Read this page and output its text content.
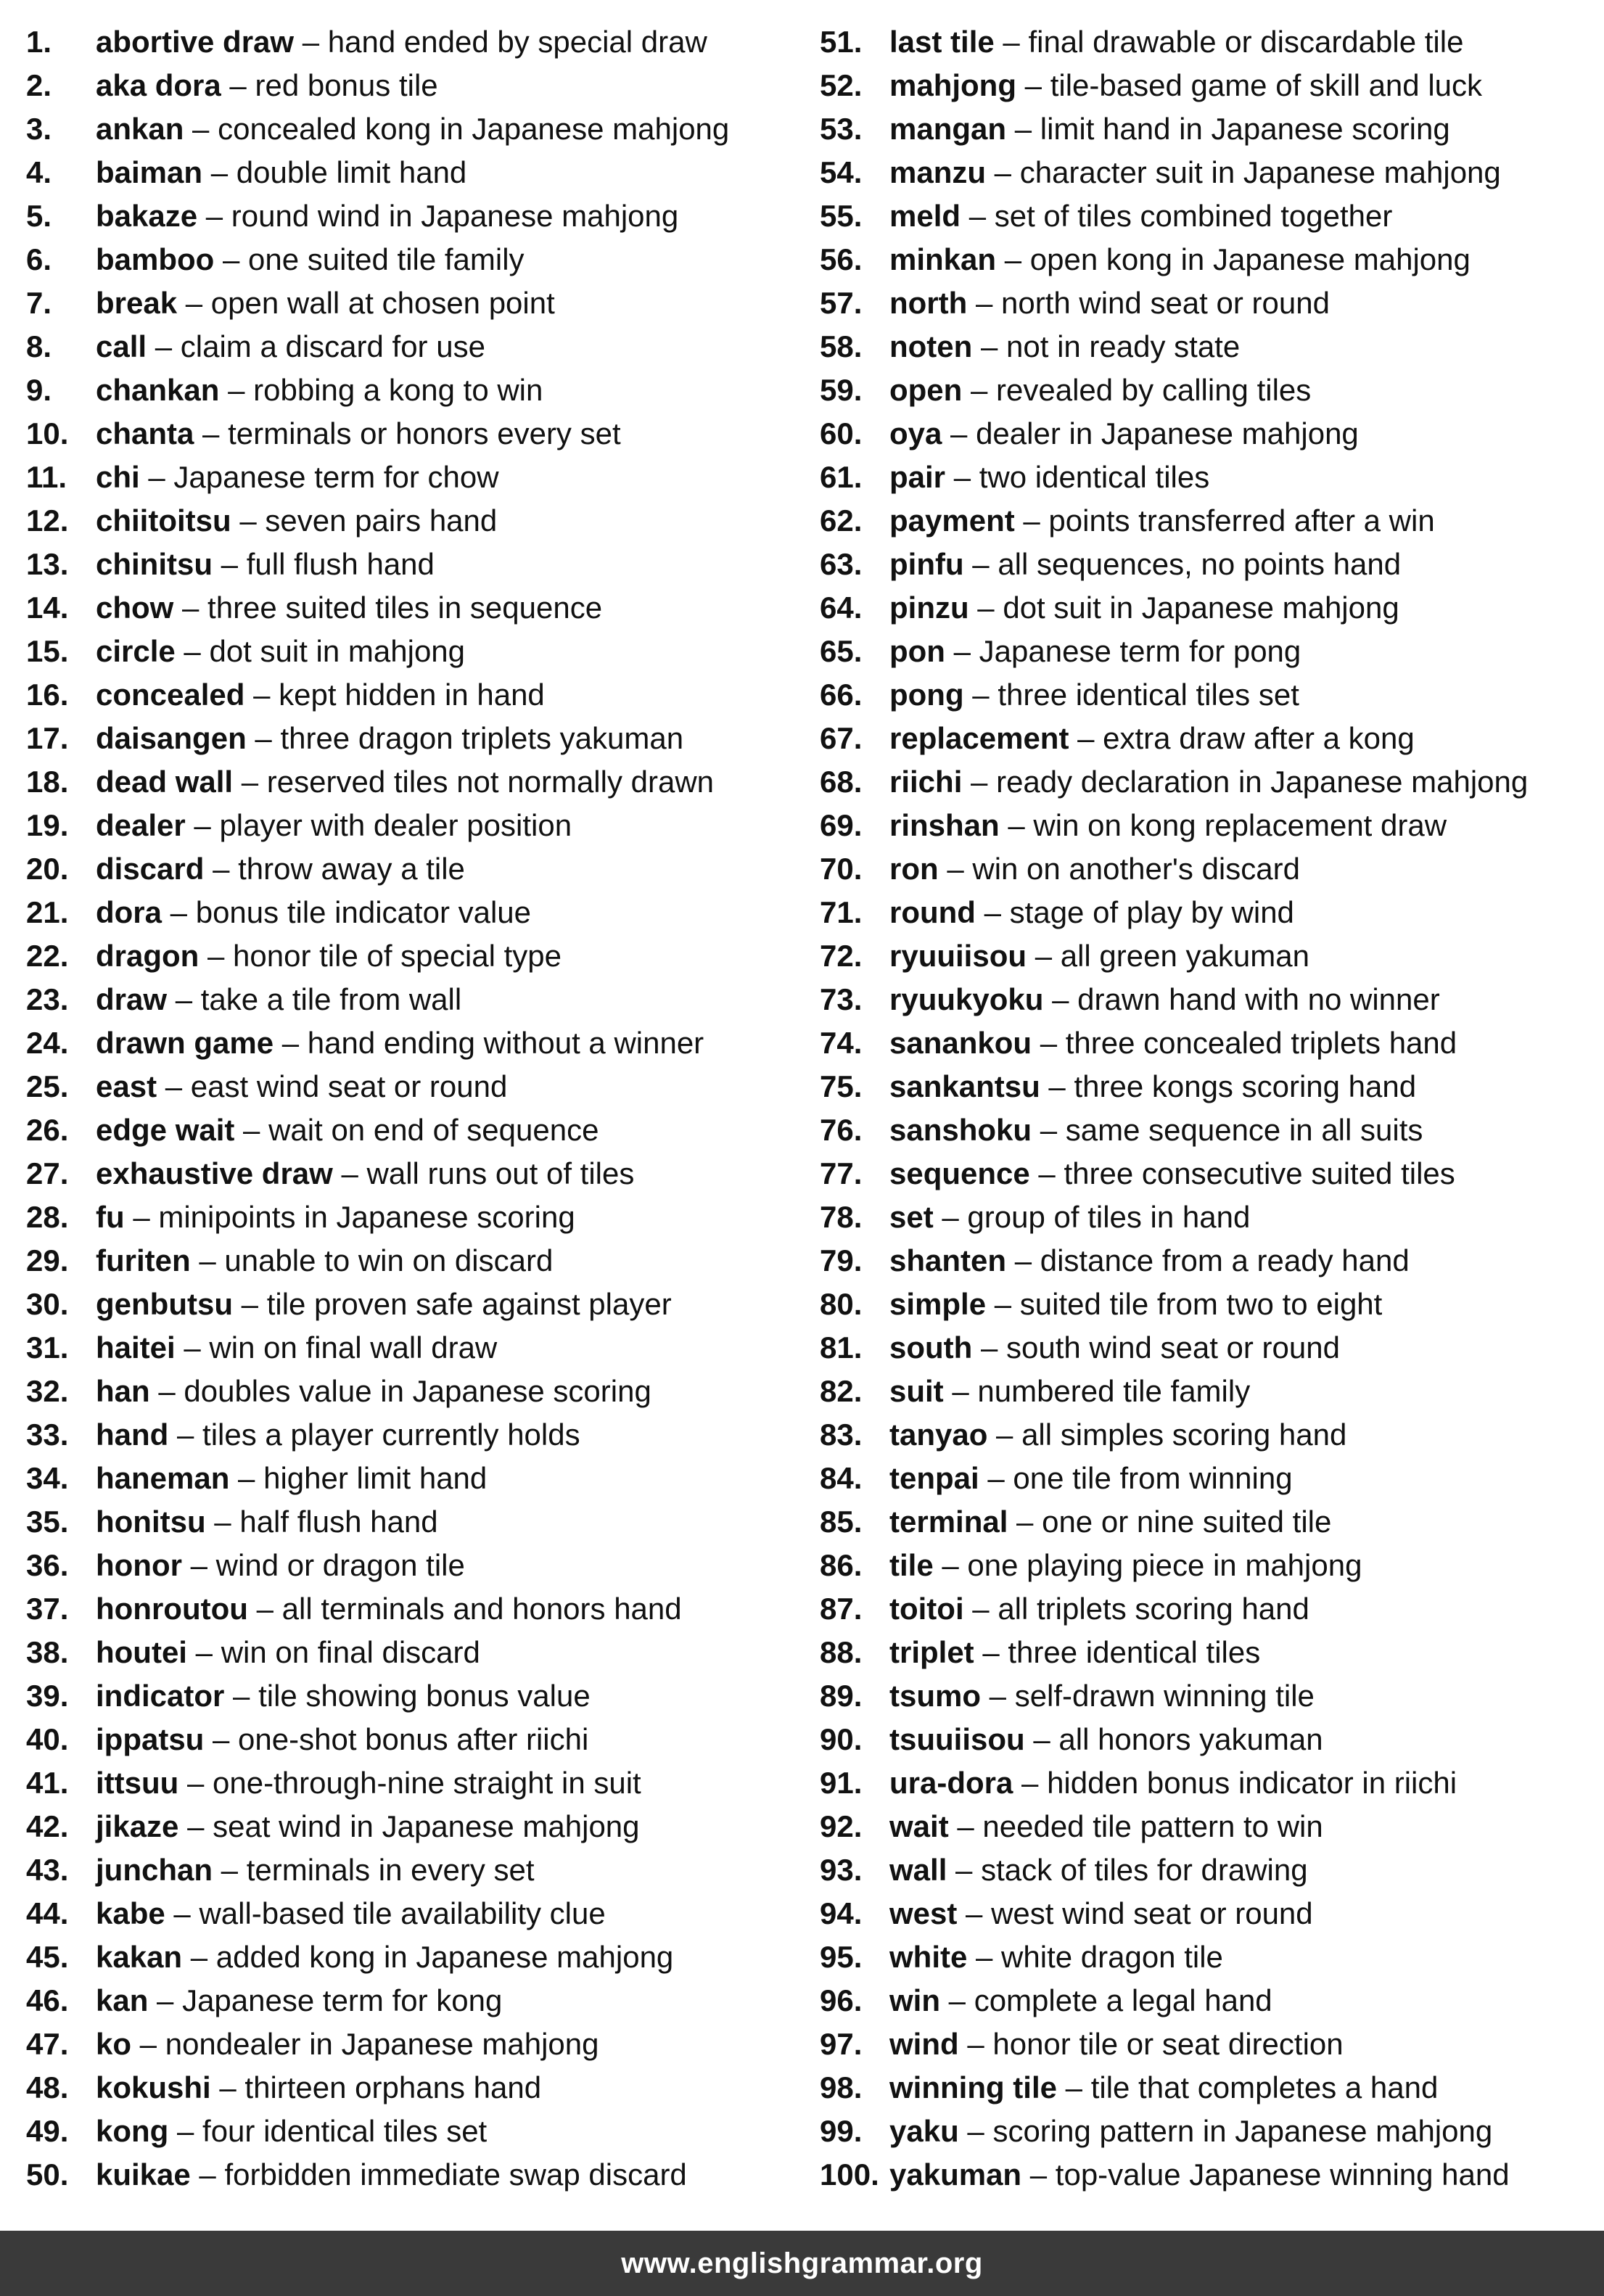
1. abortive draw – hand ended by special draw
2. aka dora – red bonus tile
3. ankan – concealed kong in Japanese mahjong
4. baiman – double limit hand
5. bakaze – round wind in Japanese mahjong
6. bamboo – one suited tile family
7. break – open wall at chosen point
8. call – claim a discard for use
9. chankan – robbing a kong to win
10. chanta – terminals or honors every set
11. chi – Japanese term for chow
12. chiitoitsu – seven pairs hand
13. chinitsu – full flush hand
14. chow – three suited tiles in sequence
15. circle – dot suit in mahjong
16. concealed – kept hidden in hand
17. daisangen – three dragon triplets yakuman
18. dead wall – reserved tiles not normally drawn
19. dealer – player with dealer position
20. discard – throw away a tile
21. dora – bonus tile indicator value
22. dragon – honor tile of special type
23. draw – take a tile from wall
24. drawn game – hand ending without a winner
25. east – east wind seat or round
26. edge wait – wait on end of sequence
27. exhaustive draw – wall runs out of tiles
28. fu – minipoints in Japanese scoring
29. furiten – unable to win on discard
30. genbutsu – tile proven safe against player
31. haitei – win on final wall draw
32. han – doubles value in Japanese scoring
33. hand – tiles a player currently holds
34. haneman – higher limit hand
35. honitsu – half flush hand
36. honor – wind or dragon tile
37. honroutou – all terminals and honors hand
38. houtei – win on final discard
39. indicator – tile showing bonus value
40. ippatsu – one-shot bonus after riichi
41. ittsuu – one-through-nine straight in suit
42. jikaze – seat wind in Japanese mahjong
43. junchan – terminals in every set
44. kabe – wall-based tile availability clue
45. kakan – added kong in Japanese mahjong
46. kan – Japanese term for kong
47. ko – nondealer in Japanese mahjong
48. kokushi – thirteen orphans hand
49. kong – four identical tiles set
50. kuikae – forbidden immediate swap discard
51. last tile – final drawable or discardable tile
52. mahjong – tile-based game of skill and luck
53. mangan – limit hand in Japanese scoring
54. manzu – character suit in Japanese mahjong
55. meld – set of tiles combined together
56. minkan – open kong in Japanese mahjong
57. north – north wind seat or round
58. noten – not in ready state
59. open – revealed by calling tiles
60. oya – dealer in Japanese mahjong
61. pair – two identical tiles
62. payment – points transferred after a win
63. pinfu – all sequences, no points hand
64. pinzu – dot suit in Japanese mahjong
65. pon – Japanese term for pong
66. pong – three identical tiles set
67. replacement – extra draw after a kong
68. riichi – ready declaration in Japanese mahjong
69. rinshan – win on kong replacement draw
70. ron – win on another's discard
71. round – stage of play by wind
72. ryuuiisou – all green yakuman
73. ryuukyoku – drawn hand with no winner
74. sanankou – three concealed triplets hand
75. sankantsu – three kongs scoring hand
76. sanshoku – same sequence in all suits
77. sequence – three consecutive suited tiles
78. set – group of tiles in hand
79. shanten – distance from a ready hand
80. simple – suited tile from two to eight
81. south – south wind seat or round
82. suit – numbered tile family
83. tanyao – all simples scoring hand
84. tenpai – one tile from winning
85. terminal – one or nine suited tile
86. tile – one playing piece in mahjong
87. toitoi – all triplets scoring hand
88. triplet – three identical tiles
89. tsumo – self-drawn winning tile
90. tsuuiisou – all honors yakuman
91. ura-dora – hidden bonus indicator in riichi
92. wait – needed tile pattern to win
93. wall – stack of tiles for drawing
94. west – west wind seat or round
95. white – white dragon tile
96. win – complete a legal hand
97. wind – honor tile or seat direction
98. winning tile – tile that completes a hand
99. yaku – scoring pattern in Japanese mahjong
100. yakuman – top-value Japanese winning hand
www.englishgrammar.org
